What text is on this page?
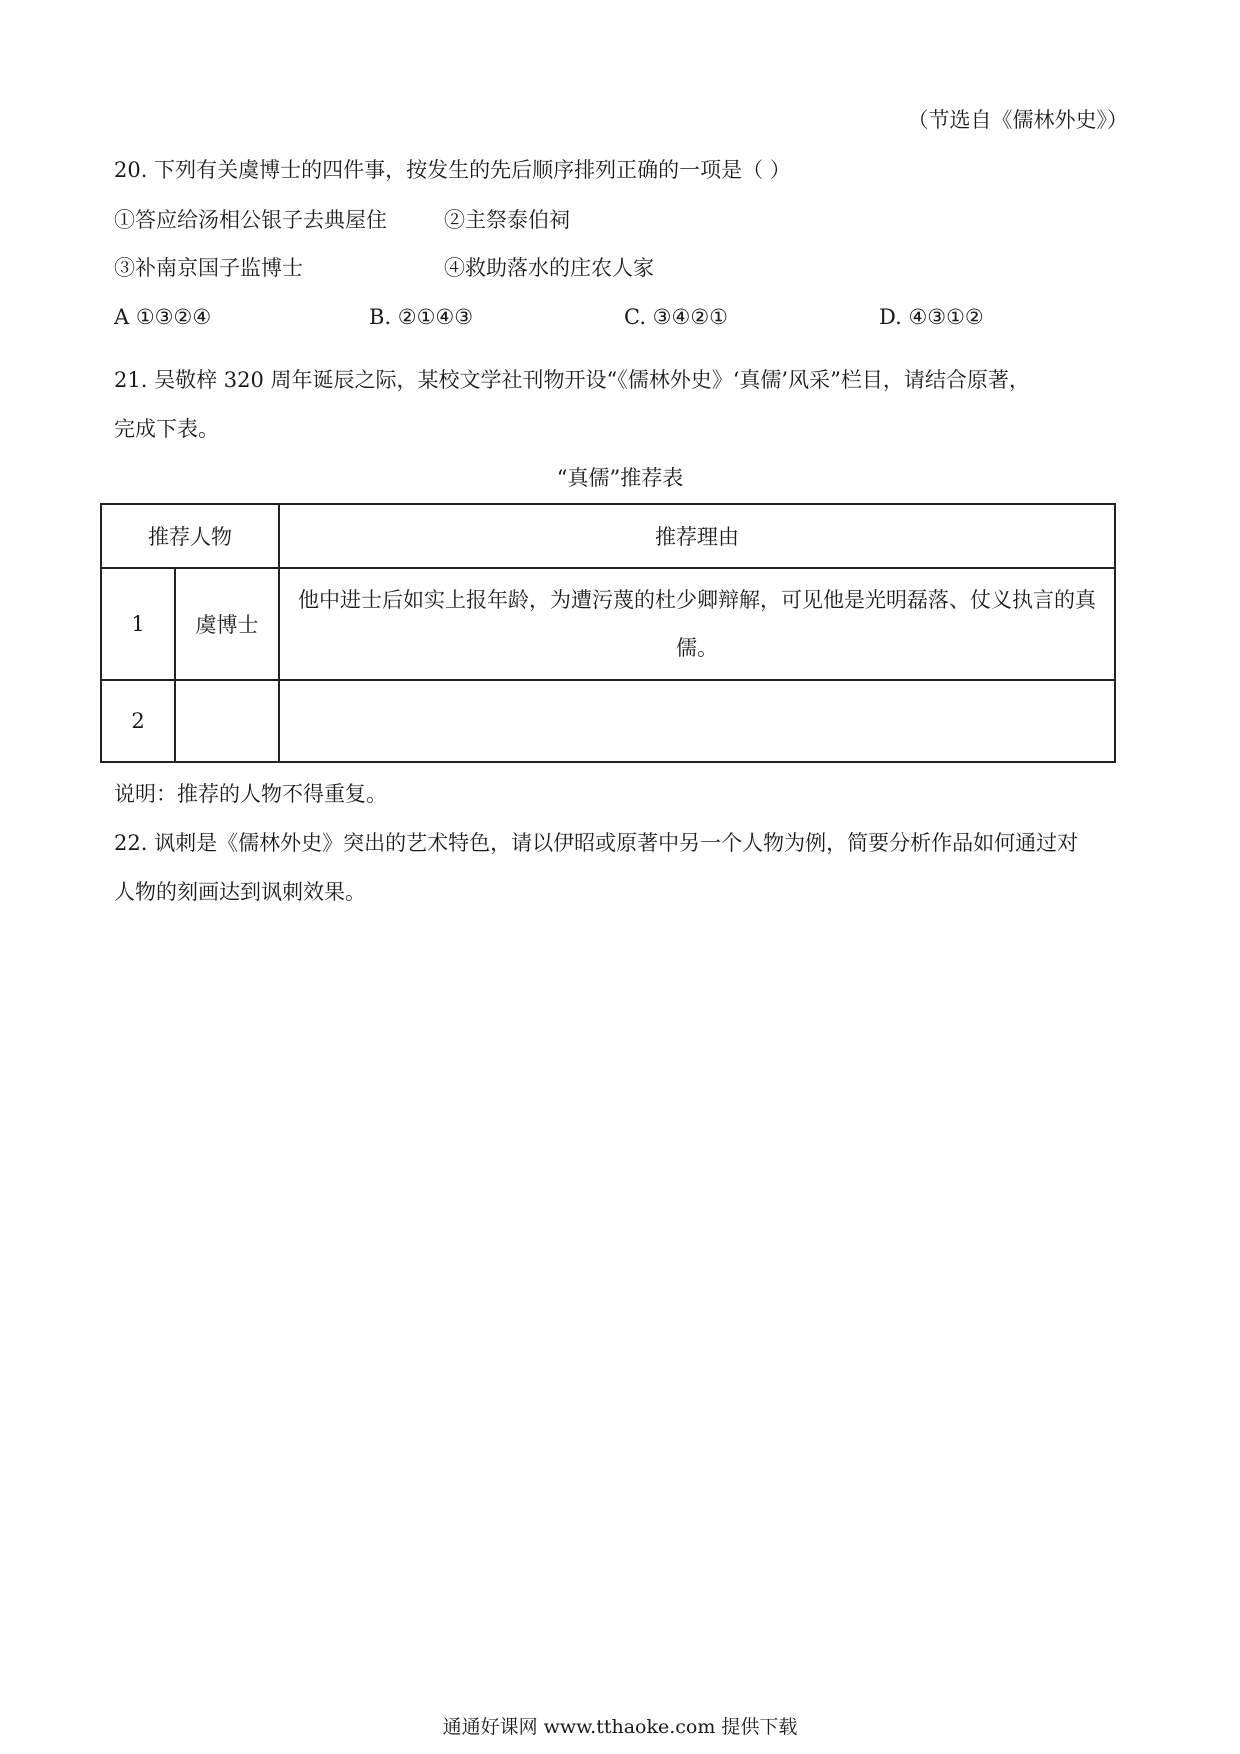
（节选自《儒林外史》）
20. 下列有关虞博士的四件事，按发生的先后顺序排列正确的一项是（ ）
①答应给汤相公银子去典屋住	②主祭泰伯祠
③补南京国子监博士	④救助落水的庄农人家
A ①③②④	B. ②①④③	C. ③④②①	D. ④③①②
21. 吴敬梓 320 周年诞辰之际，某校文学社刊物开设“《儒林外史》‘真儒’风采”栏目，请结合原著，
完成下表。
“真儒”推荐表
推荐人物		推荐理由
1	虞博士	他中进士后如实上报年龄，为遭污蔑的杜少卿辩解，可见他是光明磊落、仗义执言的真儒。
2		
说明：推荐的人物不得重复。
22. 讽刺是《儒林外史》突出的艺术特色，请以伊昭或原著中另一个人物为例，简要分析作品如何通过对
人物的刻画达到讽刺效果。
通通好课网 www.tthaoke.com 提供下载
